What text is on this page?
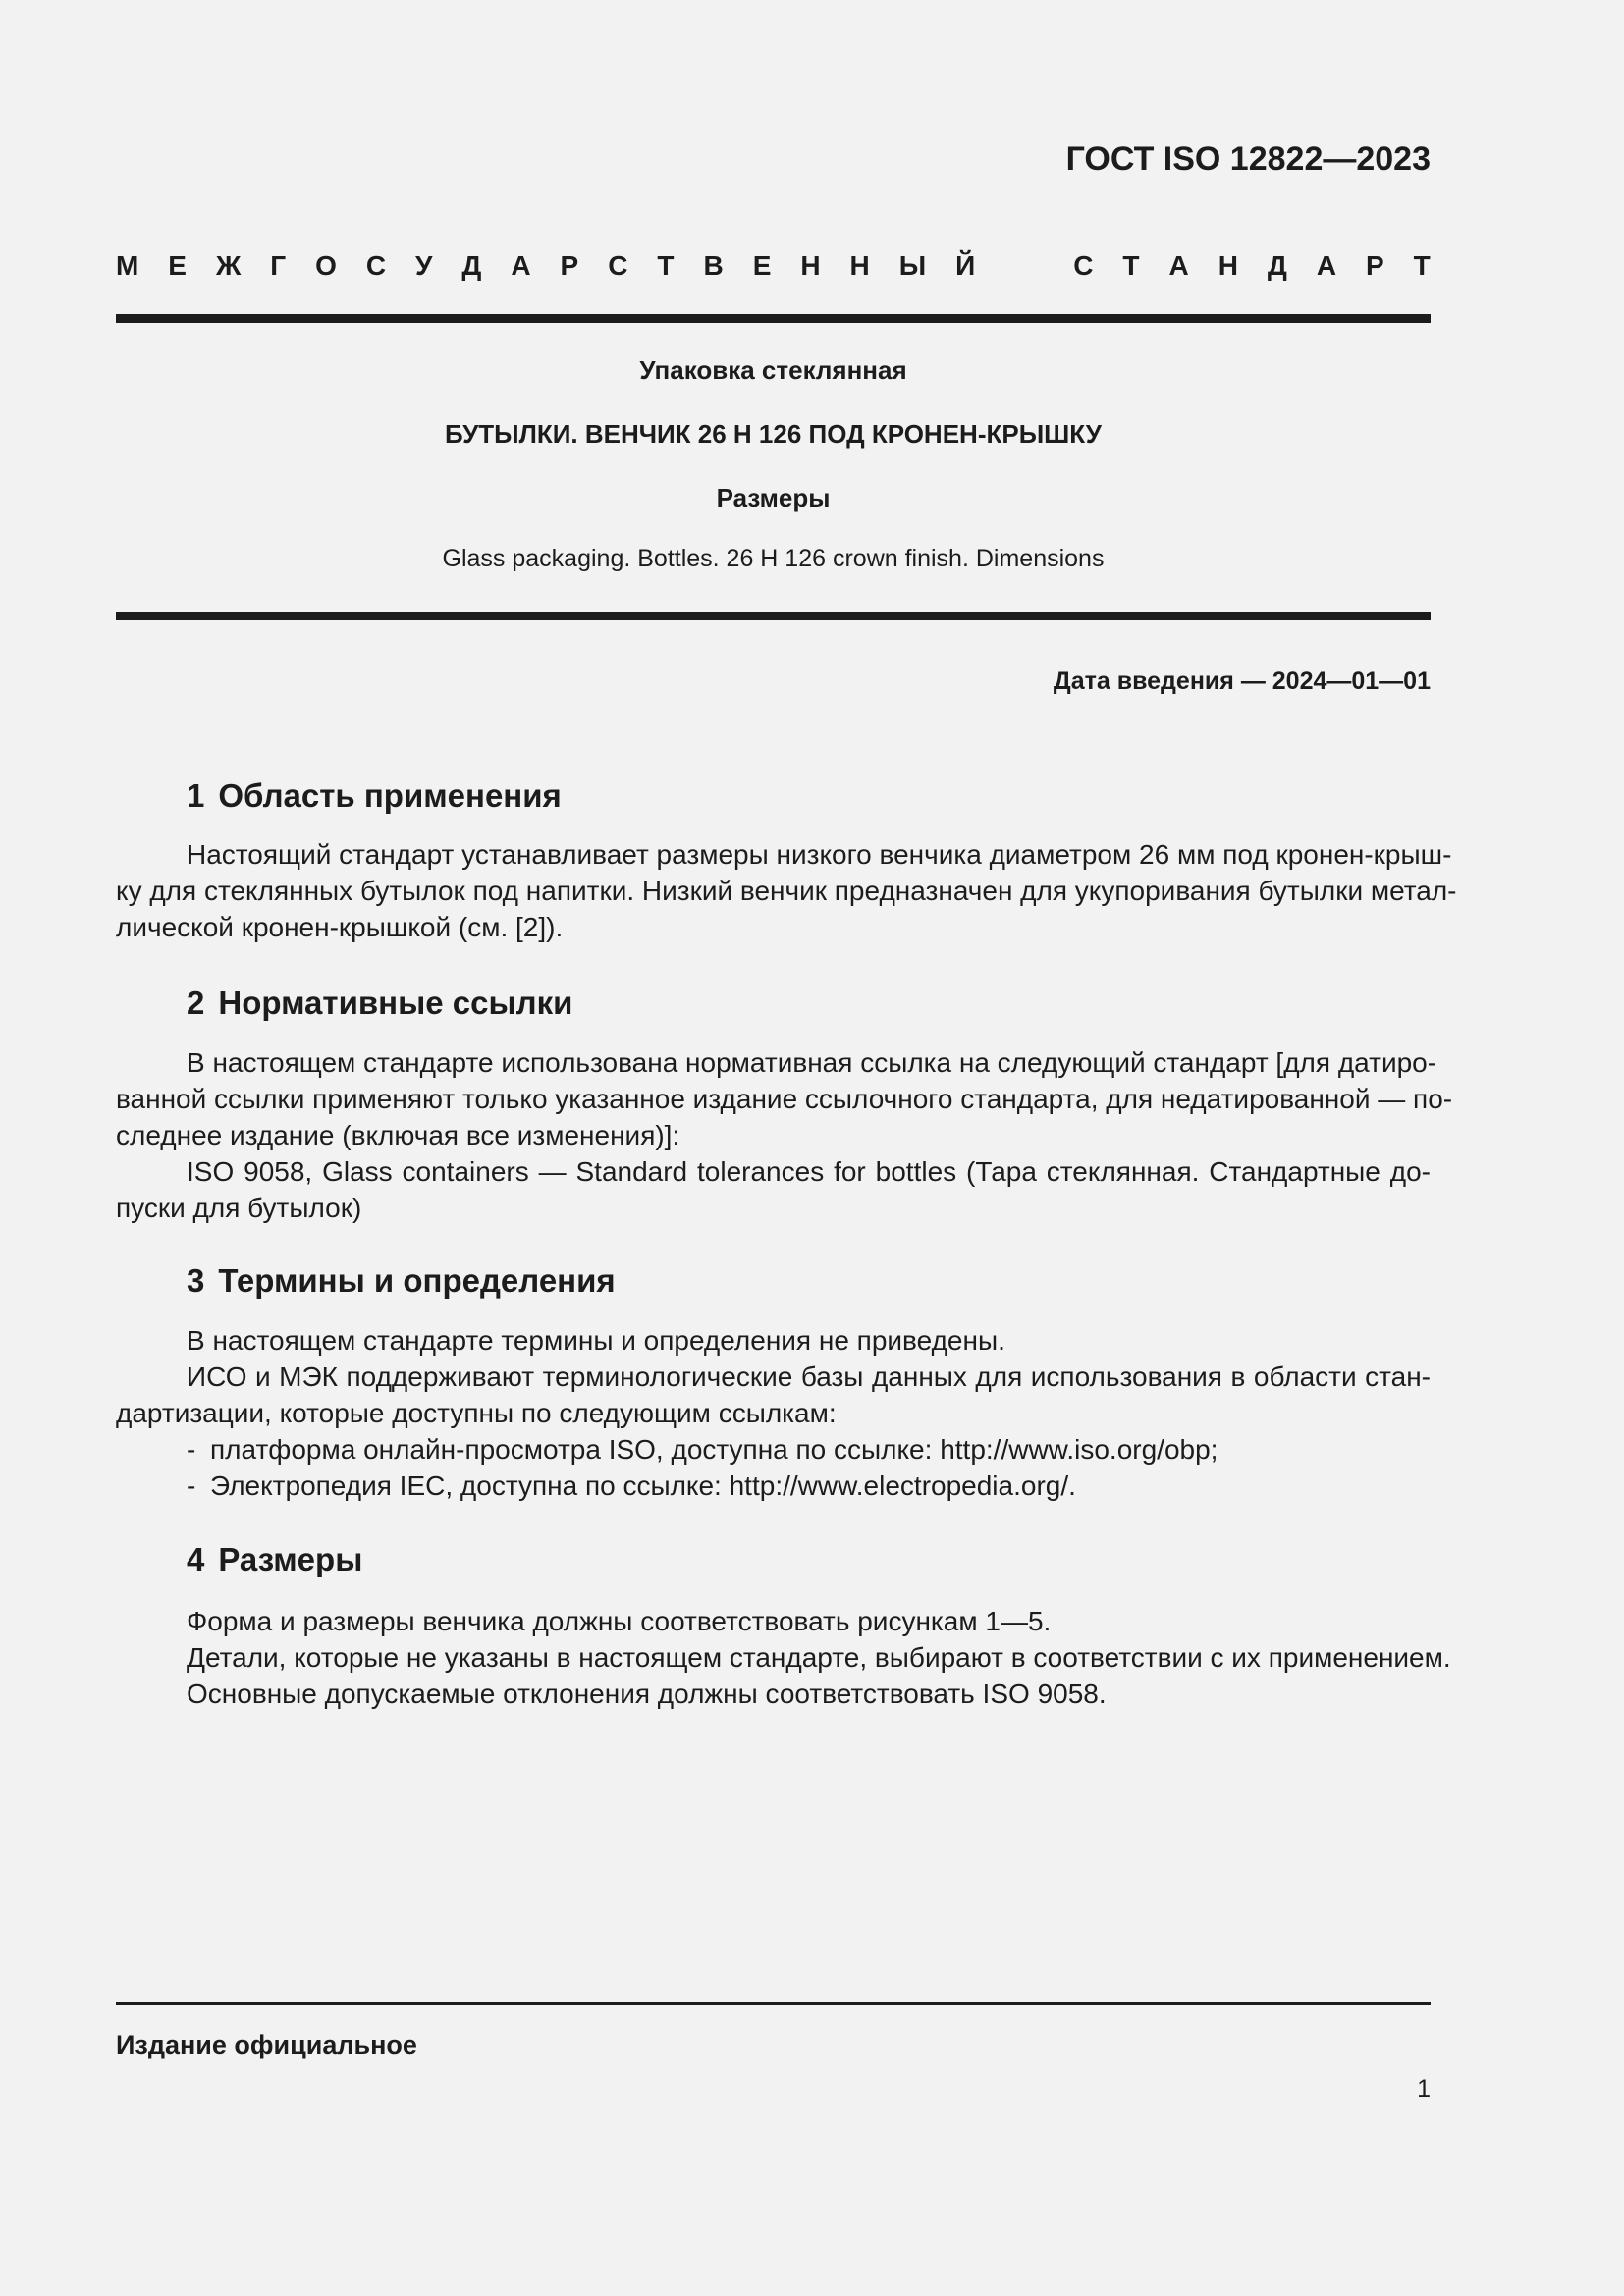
ГОСТ ISO 12822—2023
М Е Ж Г О С У Д А Р С Т В Е Н Н Ы Й	С Т А Н Д А Р Т
Упаковка стеклянная
БУТЫЛКИ. ВЕНЧИК 26 Н 126 ПОД КРОНЕН-КРЫШКУ
Размеры
Glass packaging. Bottles. 26 H 126 crown finish. Dimensions
Дата введения — 2024—01—01
1 Область применения
Настоящий стандарт устанавливает размеры низкого венчика диаметром 26 мм под кронен-крыш-
ку для стеклянных бутылок под напитки. Низкий венчик предназначен для укупоривания бутылки метал-
лической кронен-крышкой (см. [2]).
2 Нормативные ссылки
В настоящем стандарте использована нормативная ссылка на следующий стандарт [для датиро-
ванной ссылки применяют только указанное издание ссылочного стандарта, для недатированной — по-
следнее издание (включая все изменения)]:
ISO 9058, Glass containers — Standard tolerances for bottles (Тара стеклянная. Стандартные до-
пуски для бутылок)
3 Термины и определения
В настоящем стандарте термины и определения не приведены.
ИСО и МЭК поддерживают терминологические базы данных для использования в области стан-
дартизации, которые доступны по следующим ссылкам:
- платформа онлайн-просмотра ISO, доступна по ссылке: http://www.iso.org/obp;
- Электропедия IEC, доступна по ссылке: http://www.electropedia.org/.
4 Размеры
Форма и размеры венчика должны соответствовать рисункам 1—5.
Детали, которые не указаны в настоящем стандарте, выбирают в соответствии с их применением.
Основные допускаемые отклонения должны соответствовать ISO 9058.
Издание официальное
1
